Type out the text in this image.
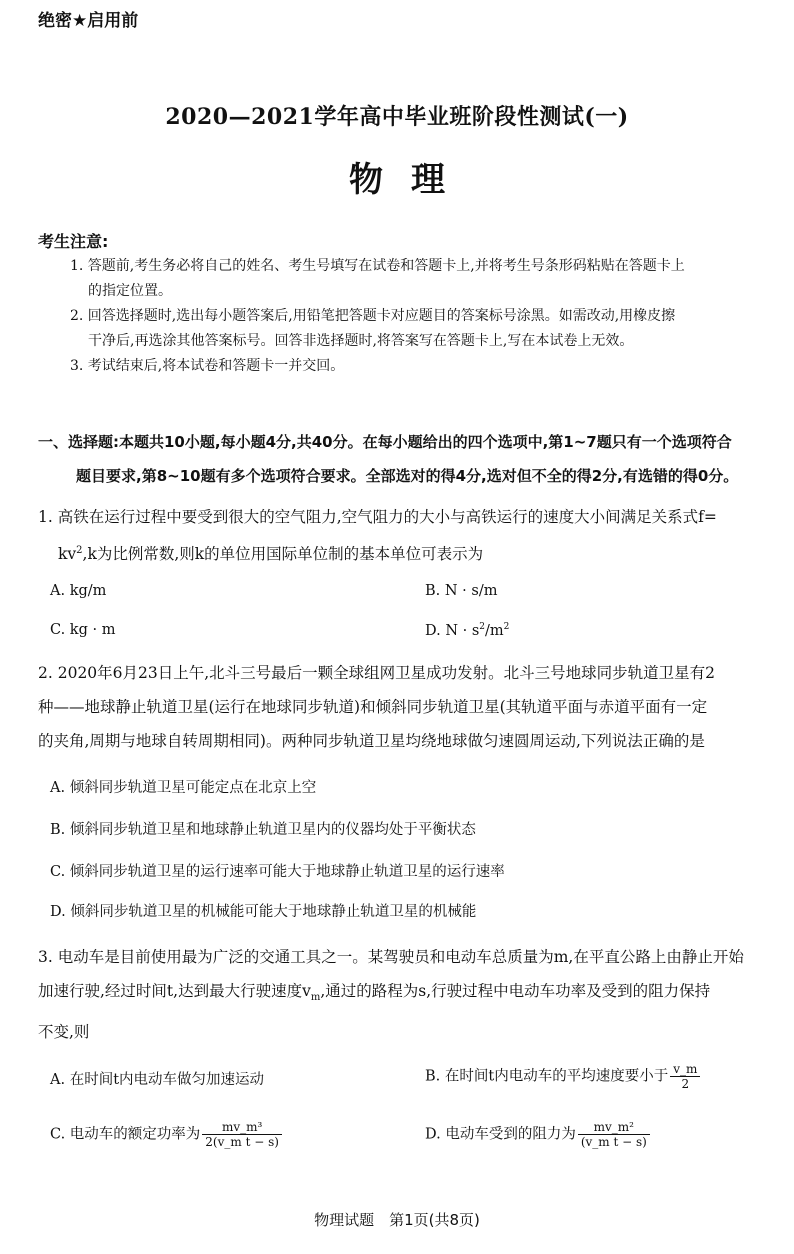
绝密★启用前
2020—2021学年高中毕业班阶段性测试(一)
物 理
考生注意:
1. 答题前,考生务必将自己的姓名、考生号填写在试卷和答题卡上,并将考生号条形码粘贴在答题卡上
的指定位置。
2. 回答选择题时,选出每小题答案后,用铅笔把答题卡对应题目的答案标号涂黑。如需改动,用橡皮擦
干净后,再选涂其他答案标号。回答非选择题时,将答案写在答题卡上,写在本试卷上无效。
3. 考试结束后,将本试卷和答题卡一并交回。
一、选择题:本题共10小题,每小题4分,共40分。在每小题给出的四个选项中,第1~7题只有一个选项符合
题目要求,第8~10题有多个选项符合要求。全部选对的得4分,选对但不全的得2分,有选错的得0分。
1. 高铁在运行过程中要受到很大的空气阻力,空气阻力的大小与高铁运行的速度大小间满足关系式f=
$kv^2,k$为比例常数,则k的单位用国际单位制的基本单位可表示为
A. kg/m	B. N · s/m
C. kg · m	D. $N \cdot s^2/m^2$
2. 2020年6月23日上午,北斗三号最后一颗全球组网卫星成功发射。北斗三号地球同步轨道卫星有2
种——地球静止轨道卫星(运行在地球同步轨道)和倾斜同步轨道卫星(其轨道平面与赤道平面有一定
的夹角,周期与地球自转周期相同)。两种同步轨道卫星均绕地球做匀速圆周运动,下列说法正确的是
A. 倾斜同步轨道卫星可能定点在北京上空
B. 倾斜同步轨道卫星和地球静止轨道卫星内的仪器均处于平衡状态
C. 倾斜同步轨道卫星的运行速率可能大于地球静止轨道卫星的运行速率
D. 倾斜同步轨道卫星的机械能可能大于地球静止轨道卫星的机械能
3. 电动车是目前使用最为广泛的交通工具之一。某驾驶员和电动车总质量为m,在平直公路上由静止开始
加速行驶,经过时间t,达到最大行驶速度$v_m$,通过的路程为s,行驶过程中电动车功率及受到的阻力保持
不变,则
A. 在时间t内电动车做匀加速运动	B. 在时间t内电动车的平均速度要小于 $\frac{v\_m}{2}$
C. 电动车的额定功率为 $\frac{\text{mv\_m³}}{\text{2(v\_m t − s)}}$	D. 电动车受到的阻力为 $\frac{\text{mv\_m²}}{\text{(v\_m t − s)}}$
物理试题　第1页(共8页)
